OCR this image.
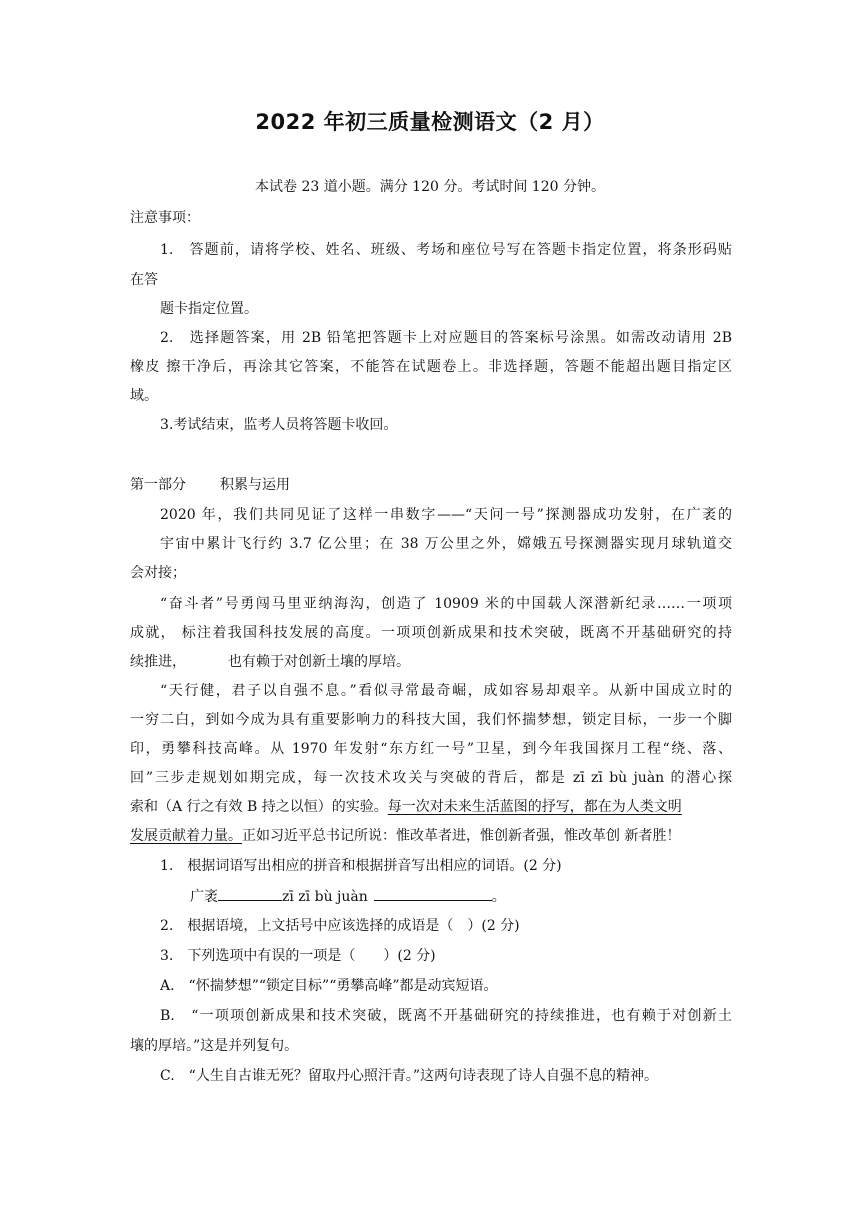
2022 年初三质量检测语文（2 月）
本试卷 23 道小题。满分 120 分。考试时间 120 分钟。
注意事项：
1.　答题前，请将学校、姓名、班级、考场和座位号写在答题卡指定位置，将条形码贴
在答
题卡指定位置。
2.　选择题答案，用 2B 铅笔把答题卡上对应题目的答案标号涂黑。如需改动请用 2B
橡皮 擦干净后，再涂其它答案，不能答在试题卷上。非选择题，答题不能超出题目指定区
域。
3.考试结束，监考人员将答题卡收回。
第一部分 积累与运用
2020 年，我们共同见证了这样一串数字——“天问一号”探测器成功发射，在广袤的
宇宙中累计飞行约 3.7 亿公里；在 38 万公里之外，嫦娥五号探测器实现月球轨道交
会对接；
“奋斗者”号勇闯马里亚纳海沟，创造了 10909 米的中国载人深潜新纪录……一项项
成就， 标注着我国科技发展的高度。一项项创新成果和技术突破，既离不开基础研究的持
续推进，	也有赖于对创新土壤的厚培。
“天行健，君子以自强不息。”看似寻常最奇崛，成如容易却艰辛。从新中国成立时的
一穷二白，到如今成为具有重要影响力的科技大国，我们怀揣梦想，锁定目标，一步一个脚
印，勇攀科技高峰。从 1970 年发射“东方红一号”卫星，到今年我国探月工程“绕、落、
回”三步走规划如期完成，每一次技术攻关与突破的背后，都是 zī zī bù juàn 的潜心探
索和（A 行之有效 B 持之以恒）的实验。每一次对未来生活蓝图的抒写，都在为人类文明
发展贡献着力量。正如习近平总书记所说：惟改革者进，惟创新者强，惟改革创 新者胜！
1.　根据词语写出相应的拼音和根据拼音写出相应的词语。(2 分)
广袤	zī zī bù juàn	。
2.　根据语境，上文括号中应该选择的成语是（　）(2 分)
3.　下列选项中有误的一项是（　　）(2 分)
A.　“怀揣梦想”“锁定目标”“勇攀高峰”都是动宾短语。
B.　“一项项创新成果和技术突破，既离不开基础研究的持续推进，也有赖于对创新土
壤的厚培。”这是并列复句。
C.　“人生自古谁无死？留取丹心照汗青。”这两句诗表现了诗人自强不息的精神。
